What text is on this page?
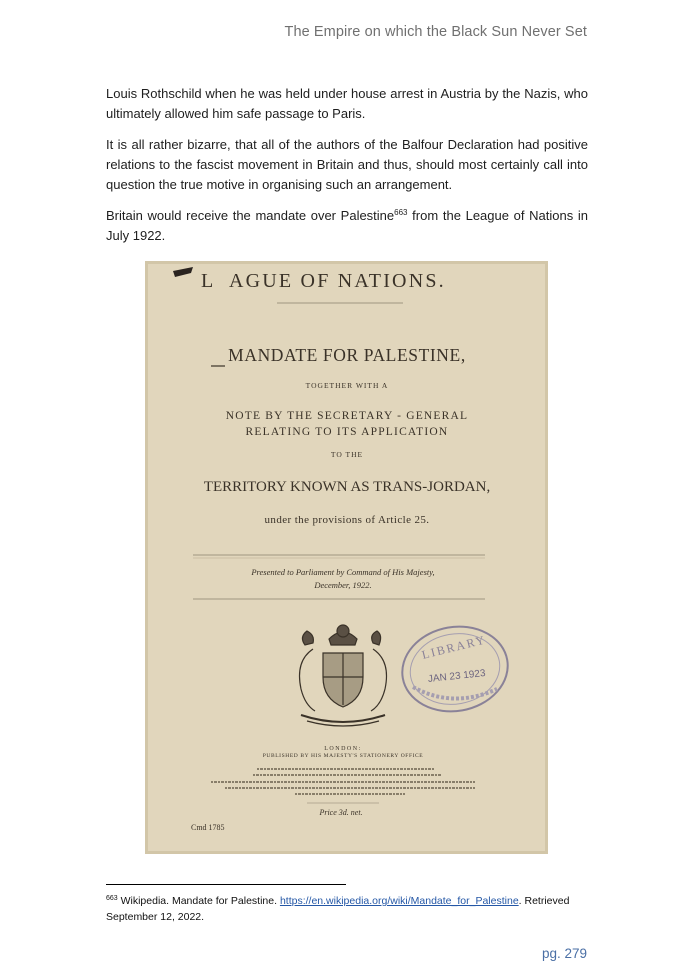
The Empire on which the Black Sun Never Set

Louis Rothschild when he was held under house arrest in Austria by the Nazis, who ultimately allowed him safe passage to Paris.

It is all rather bizarre, that all of the authors of the Balfour Declaration had positive relations to the fascist movement in Britain and thus, should most certainly call into question the true motive in organising such an arrangement.

Britain would receive the mandate over Palestine$^{663}$ from the League of Nations in July 1922.

L AGUE OF NATIONS.
MANDATE FOR PALESTINE,
TOGETHER WITH A
NOTE BY THE SECRETARY - GENERAL
RELATING TO ITS APPLICATION
TO THE
TERRITORY KNOWN AS TRANS-JORDAN,
under the provisions of Article 25.
Presented to Parliament by Command of His Majesty,
December, 1922.
LIBRARY
JAN 23 1923
LONDON:
PUBLISHED BY HIS MAJESTY'S STATIONERY OFFICE
Price 3d. net.
Cmd 1785
$^{663}$ Wikipedia. Mandate for Palestine. https://en.wikipedia.org/wiki/Mandate_for_Palestine. Retrieved September 12, 2022.
pg. 279
